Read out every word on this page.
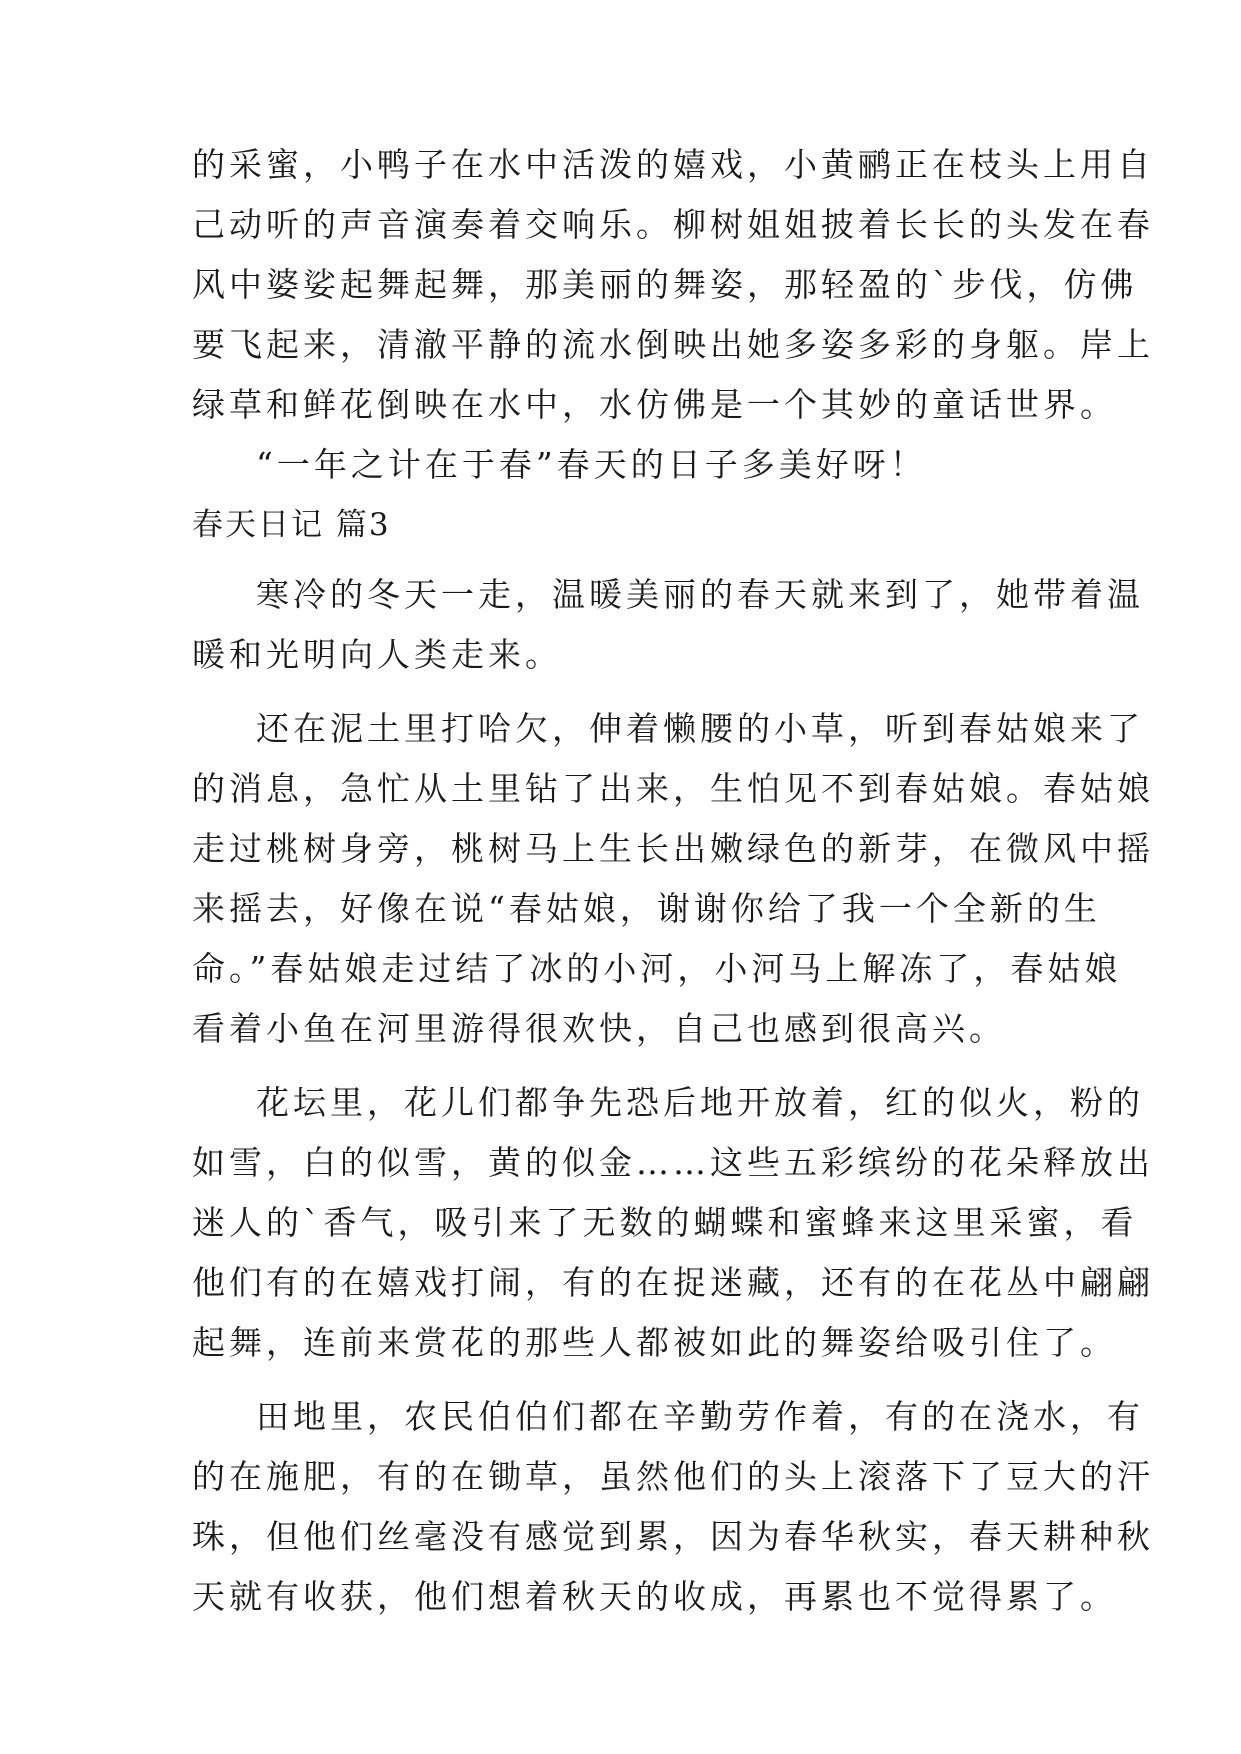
的采蜜，小鸭子在水中活泼的嬉戏，小黄鹂正在枝头上用自
己动听的声音演奏着交响乐。柳树姐姐披着长长的头发在春
风中婆娑起舞起舞，那美丽的舞姿，那轻盈的`步伐，仿佛
要飞起来，清澈平静的流水倒映出她多姿多彩的身躯。岸上
绿草和鲜花倒映在水中，水仿佛是一个其妙的童话世界。
“一年之计在于春”春天的日子多美好呀！
春天日记 篇3
寒冷的冬天一走，温暖美丽的春天就来到了，她带着温
暖和光明向人类走来。
还在泥土里打哈欠，伸着懒腰的小草，听到春姑娘来了
的消息，急忙从土里钻了出来，生怕见不到春姑娘。春姑娘
走过桃树身旁，桃树马上生长出嫩绿色的新芽，在微风中摇
来摇去，好像在说“春姑娘，谢谢你给了我一个全新的生
命。”春姑娘走过结了冰的小河，小河马上解冻了，春姑娘
看着小鱼在河里游得很欢快，自己也感到很高兴。
花坛里，花儿们都争先恐后地开放着，红的似火，粉的
如雪，白的似雪，黄的似金……这些五彩缤纷的花朵释放出
迷人的`香气，吸引来了无数的蝴蝶和蜜蜂来这里采蜜，看
他们有的在嬉戏打闹，有的在捉迷藏，还有的在花丛中翩翩
起舞，连前来赏花的那些人都被如此的舞姿给吸引住了。
田地里，农民伯伯们都在辛勤劳作着，有的在浇水，有
的在施肥，有的在锄草，虽然他们的头上滚落下了豆大的汗
珠，但他们丝毫没有感觉到累，因为春华秋实，春天耕种秋
天就有收获，他们想着秋天的收成，再累也不觉得累了。
